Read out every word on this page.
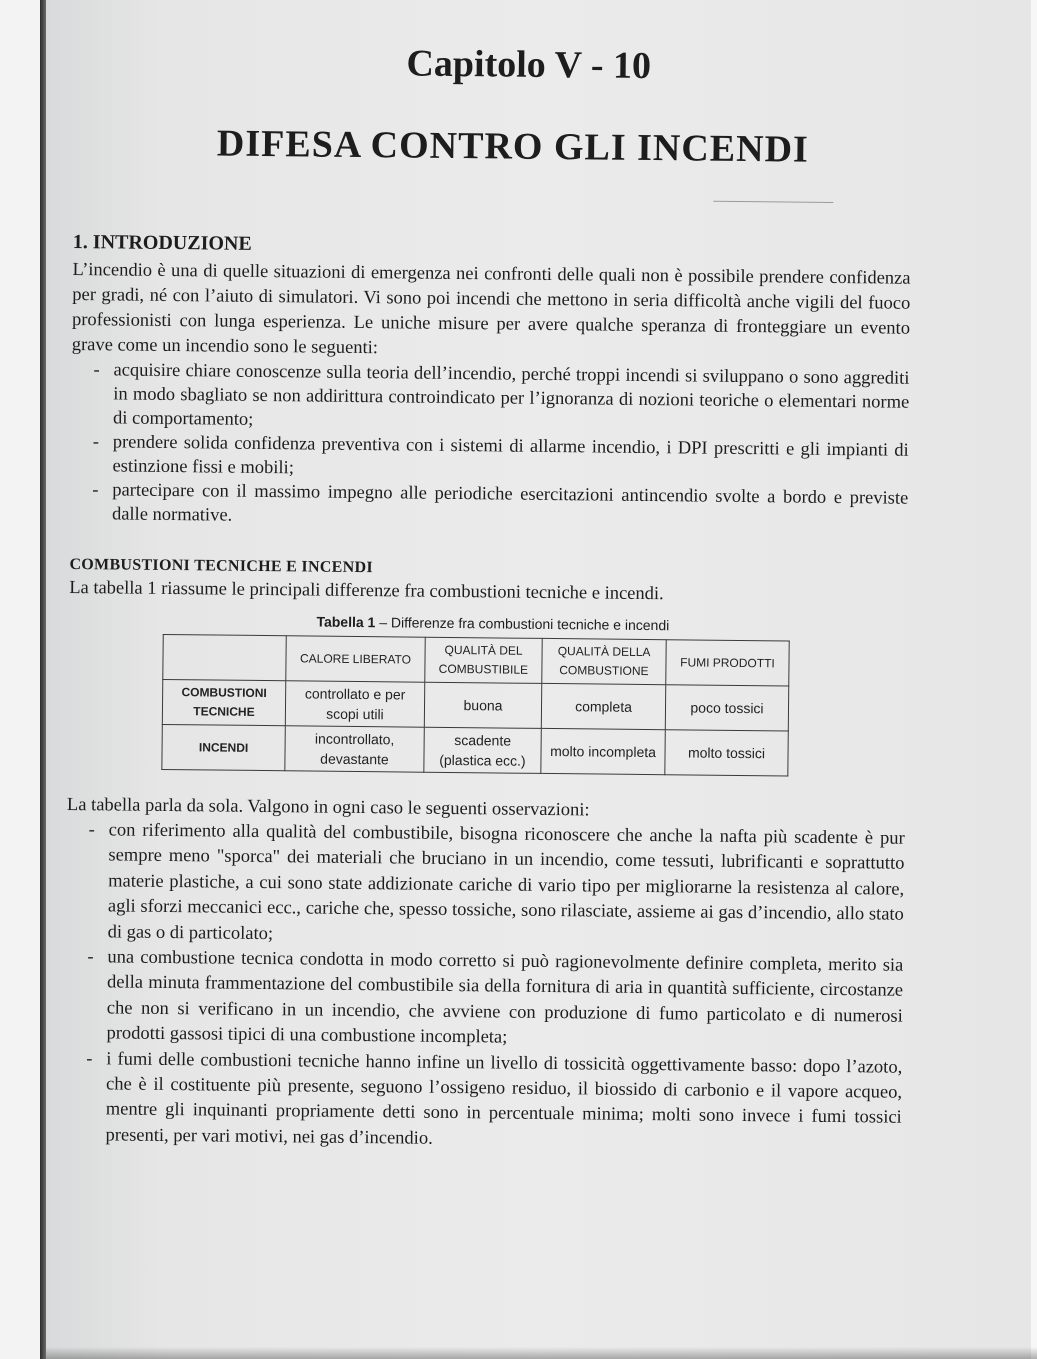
Capitolo V - 10
DIFESA CONTRO GLI INCENDI
1. INTRODUZIONE

L’incendio è una di quelle situazioni di emergenza nei confronti delle quali non è possibile prendere confidenza per gradi, né con l’aiuto di simulatori. Vi sono poi incendi che mettono in seria difficoltà anche vigili del fuoco professionisti con lunga esperienza. Le uniche misure per avere qualche speranza di fronteggiare un evento grave come un incendio sono le seguenti:

- acquisire chiare conoscenze sulla teoria dell’incendio, perché troppi incendi si sviluppano o sono aggrediti in modo sbagliato se non addirittura controindicato per l’ignoranza di nozioni teoriche o elementari norme di comportamento;
- prendere solida confidenza preventiva con i sistemi di allarme incendio, i DPI prescritti e gli impianti di estinzione fissi e mobili;
- partecipare con il massimo impegno alle periodiche esercitazioni antincendio svolte a bordo e previste dalle normative.
COMBUSTIONI TECNICHE E INCENDI

La tabella 1 riassume le principali differenze fra combustioni tecniche e incendi.

Tabella 1 – Differenze fra combustioni tecniche e incendi
	CALORE LIBERATO	QUALITÀ DEL COMBUSTIBILE	QUALITÀ DELLA COMBUSTIONE	FUMI PRODOTTI
COMBUSTIONI TECNICHE	controllato e per scopi utili	buona	completa	poco tossici
INCENDI	incontrollato, devastante	scadente (plastica ecc.)	molto incompleta	molto tossici

La tabella parla da sola. Valgono in ogni caso le seguenti osservazioni:

- con riferimento alla qualità del combustibile, bisogna riconoscere che anche la nafta più scadente è pur sempre meno "sporca" dei materiali che bruciano in un incendio, come tessuti, lubrificanti e soprattutto materie plastiche, a cui sono state addizionate cariche di vario tipo per migliorarne la resistenza al calore, agli sforzi meccanici ecc., cariche che, spesso tossiche, sono rilasciate, assieme ai gas d’incendio, allo stato di gas o di particolato;
- una combustione tecnica condotta in modo corretto si può ragionevolmente definire completa, merito sia della minuta frammentazione del combustibile sia della fornitura di aria in quantità sufficiente, circostanze che non si verificano in un incendio, che avviene con produzione di fumo particolato e di numerosi prodotti gassosi tipici di una combustione incompleta;
- i fumi delle combustioni tecniche hanno infine un livello di tossicità oggettivamente basso: dopo l’azoto, che è il costituente più presente, seguono l’ossigeno residuo, il biossido di carbonio e il vapore acqueo, mentre gli inquinanti propriamente detti sono in percentuale minima; molti sono invece i fumi tossici presenti, per vari motivi, nei gas d’incendio.
